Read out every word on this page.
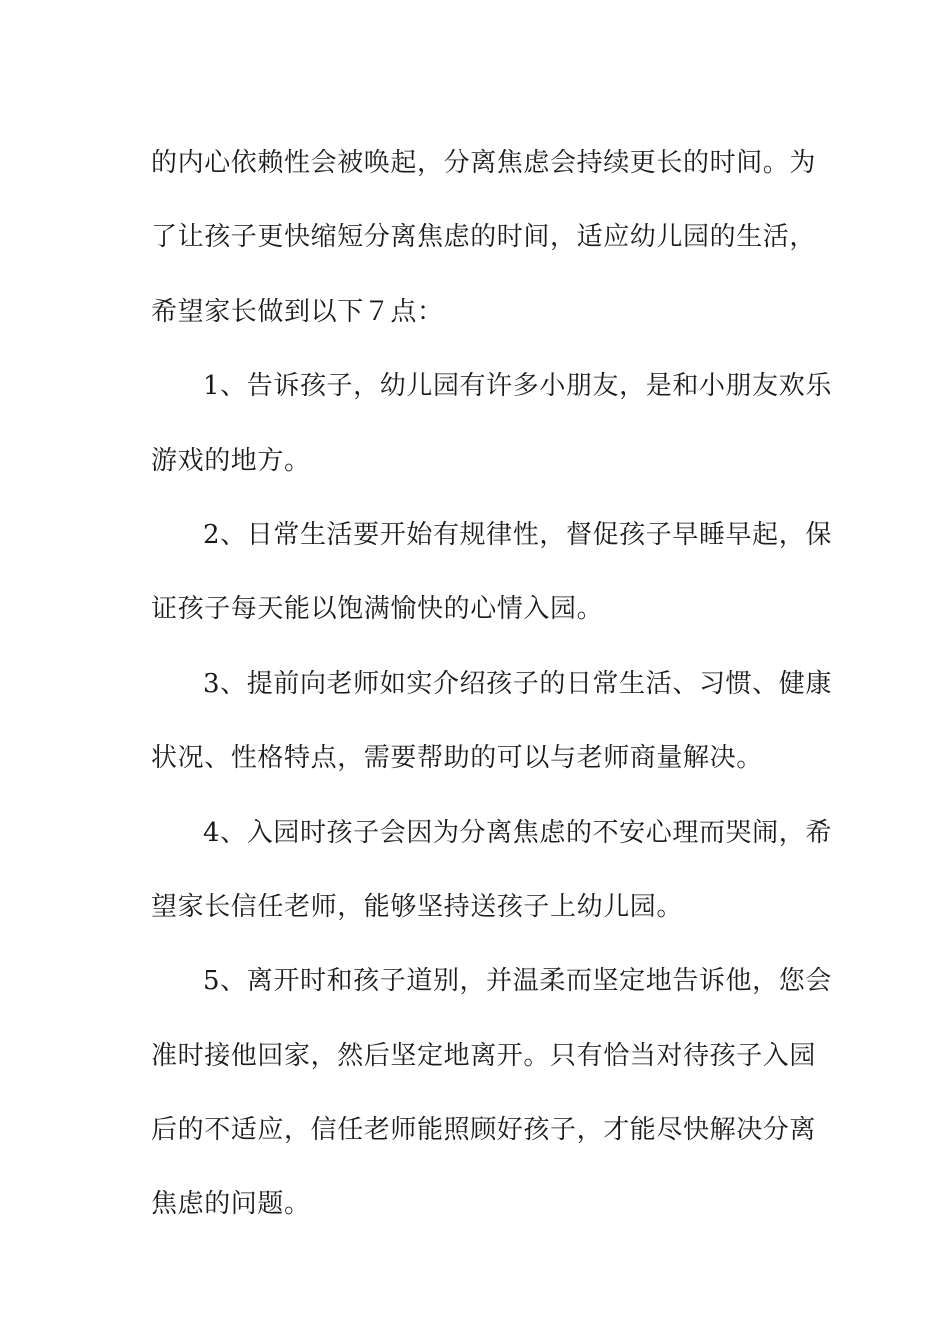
的内心依赖性会被唤起，分离焦虑会持续更长的时间。为
了让孩子更快缩短分离焦虑的时间，适应幼儿园的生活，
希望家长做到以下７点：
1、告诉孩子，幼儿园有许多小朋友，是和小朋友欢乐
游戏的地方。
2、日常生活要开始有规律性，督促孩子早睡早起，保
证孩子每天能以饱满愉快的心情入园。
3、提前向老师如实介绍孩子的日常生活、习惯、健康
状况、性格特点，需要帮助的可以与老师商量解决。
4、入园时孩子会因为分离焦虑的不安心理而哭闹，希
望家长信任老师，能够坚持送孩子上幼儿园。
5、离开时和孩子道别，并温柔而坚定地告诉他，您会
准时接他回家，然后坚定地离开。只有恰当对待孩子入园
后的不适应，信任老师能照顾好孩子，才能尽快解决分离
焦虑的问题。
